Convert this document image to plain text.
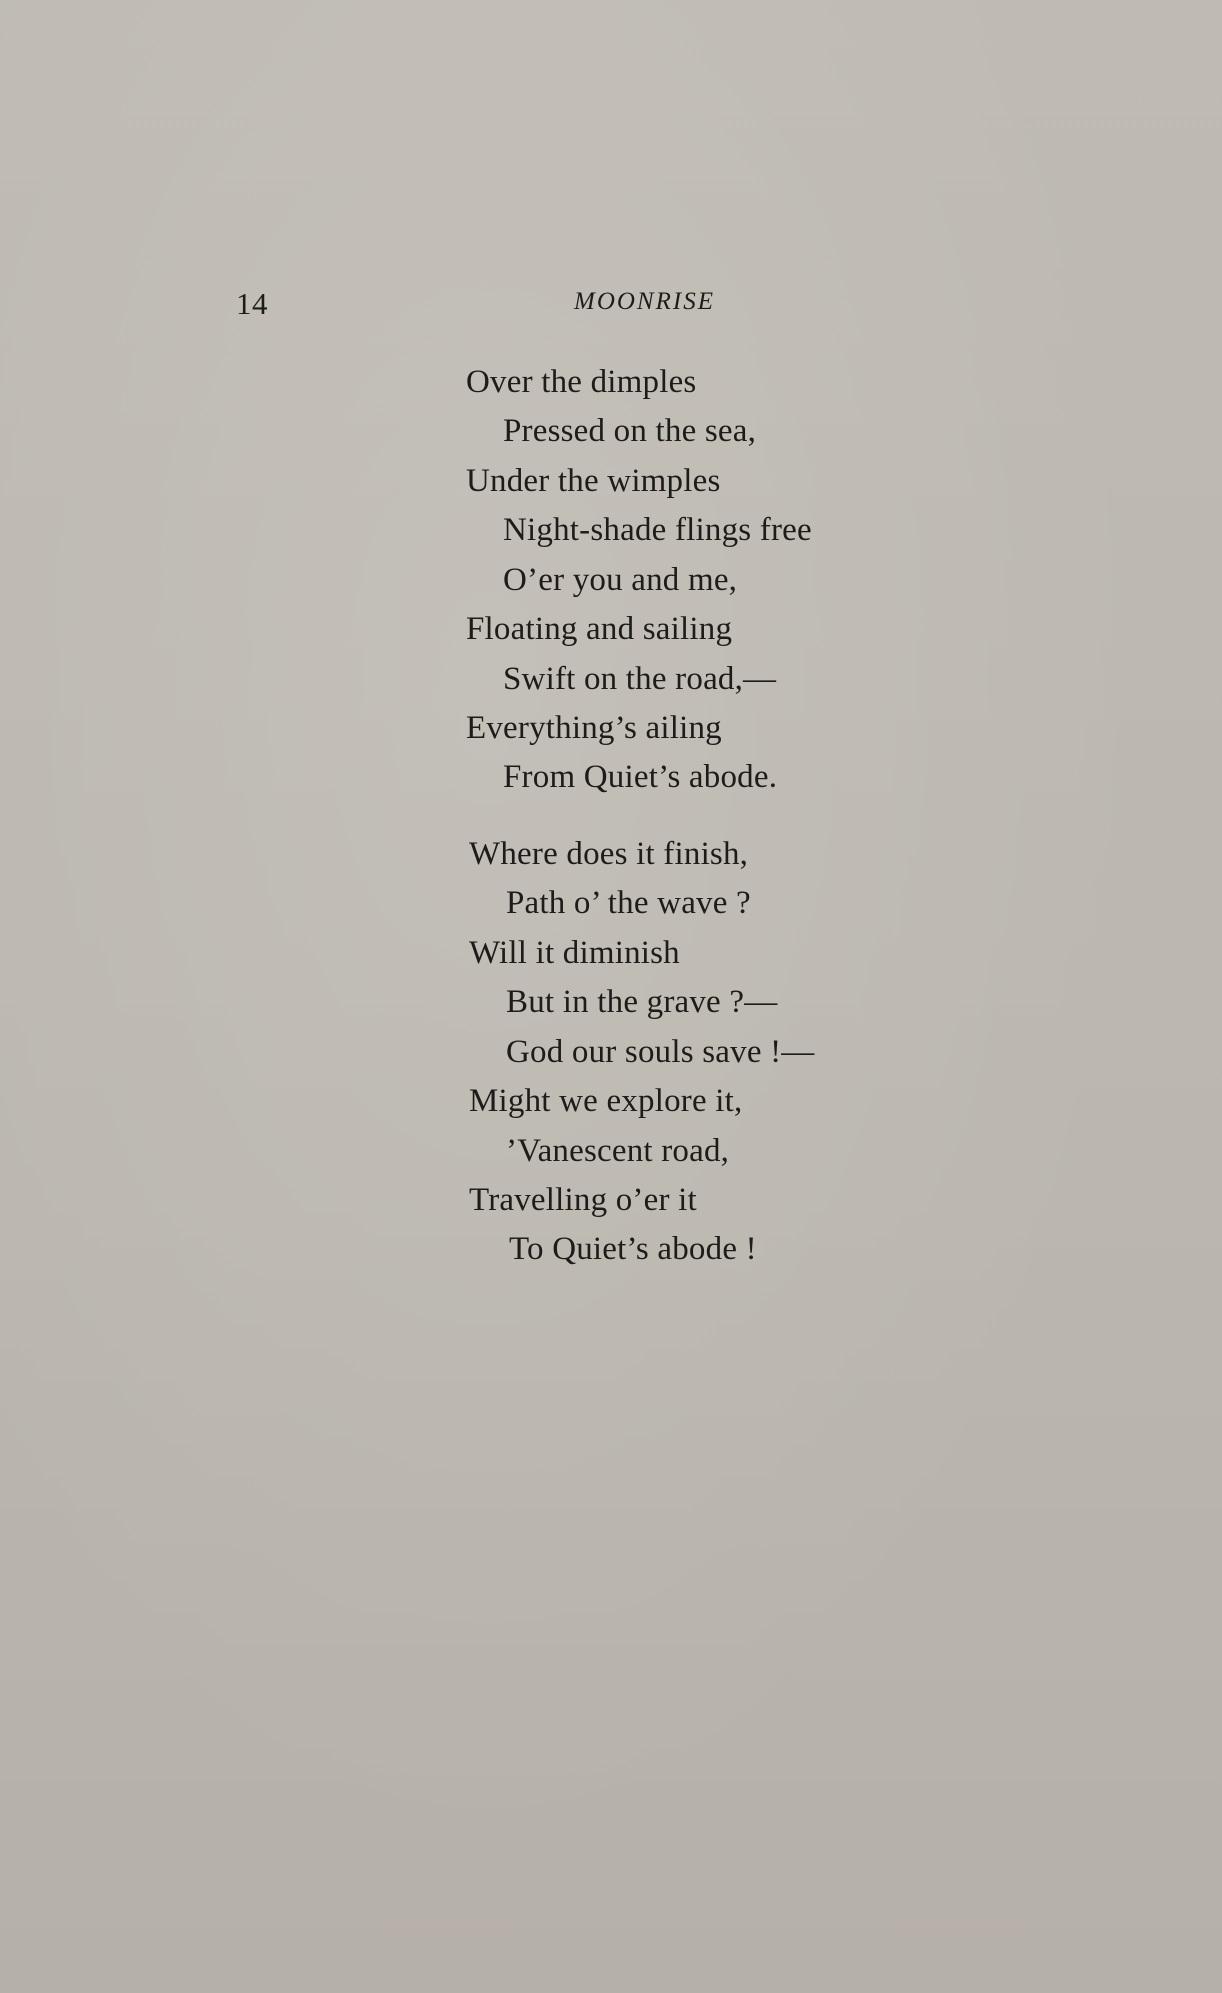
14	MOONRISE
Over the dimples
Pressed on the sea,
Under the wimples
Night-shade flings free
O’er you and me,
Floating and sailing
Swift on the road,—
Everything’s ailing
From Quiet’s abode.
Where does it finish,
Path o’ the wave ?
Will it diminish
But in the grave ?—
God our souls save !—
Might we explore it,
’Vanescent road,
Travelling o’er it
To Quiet’s abode !
